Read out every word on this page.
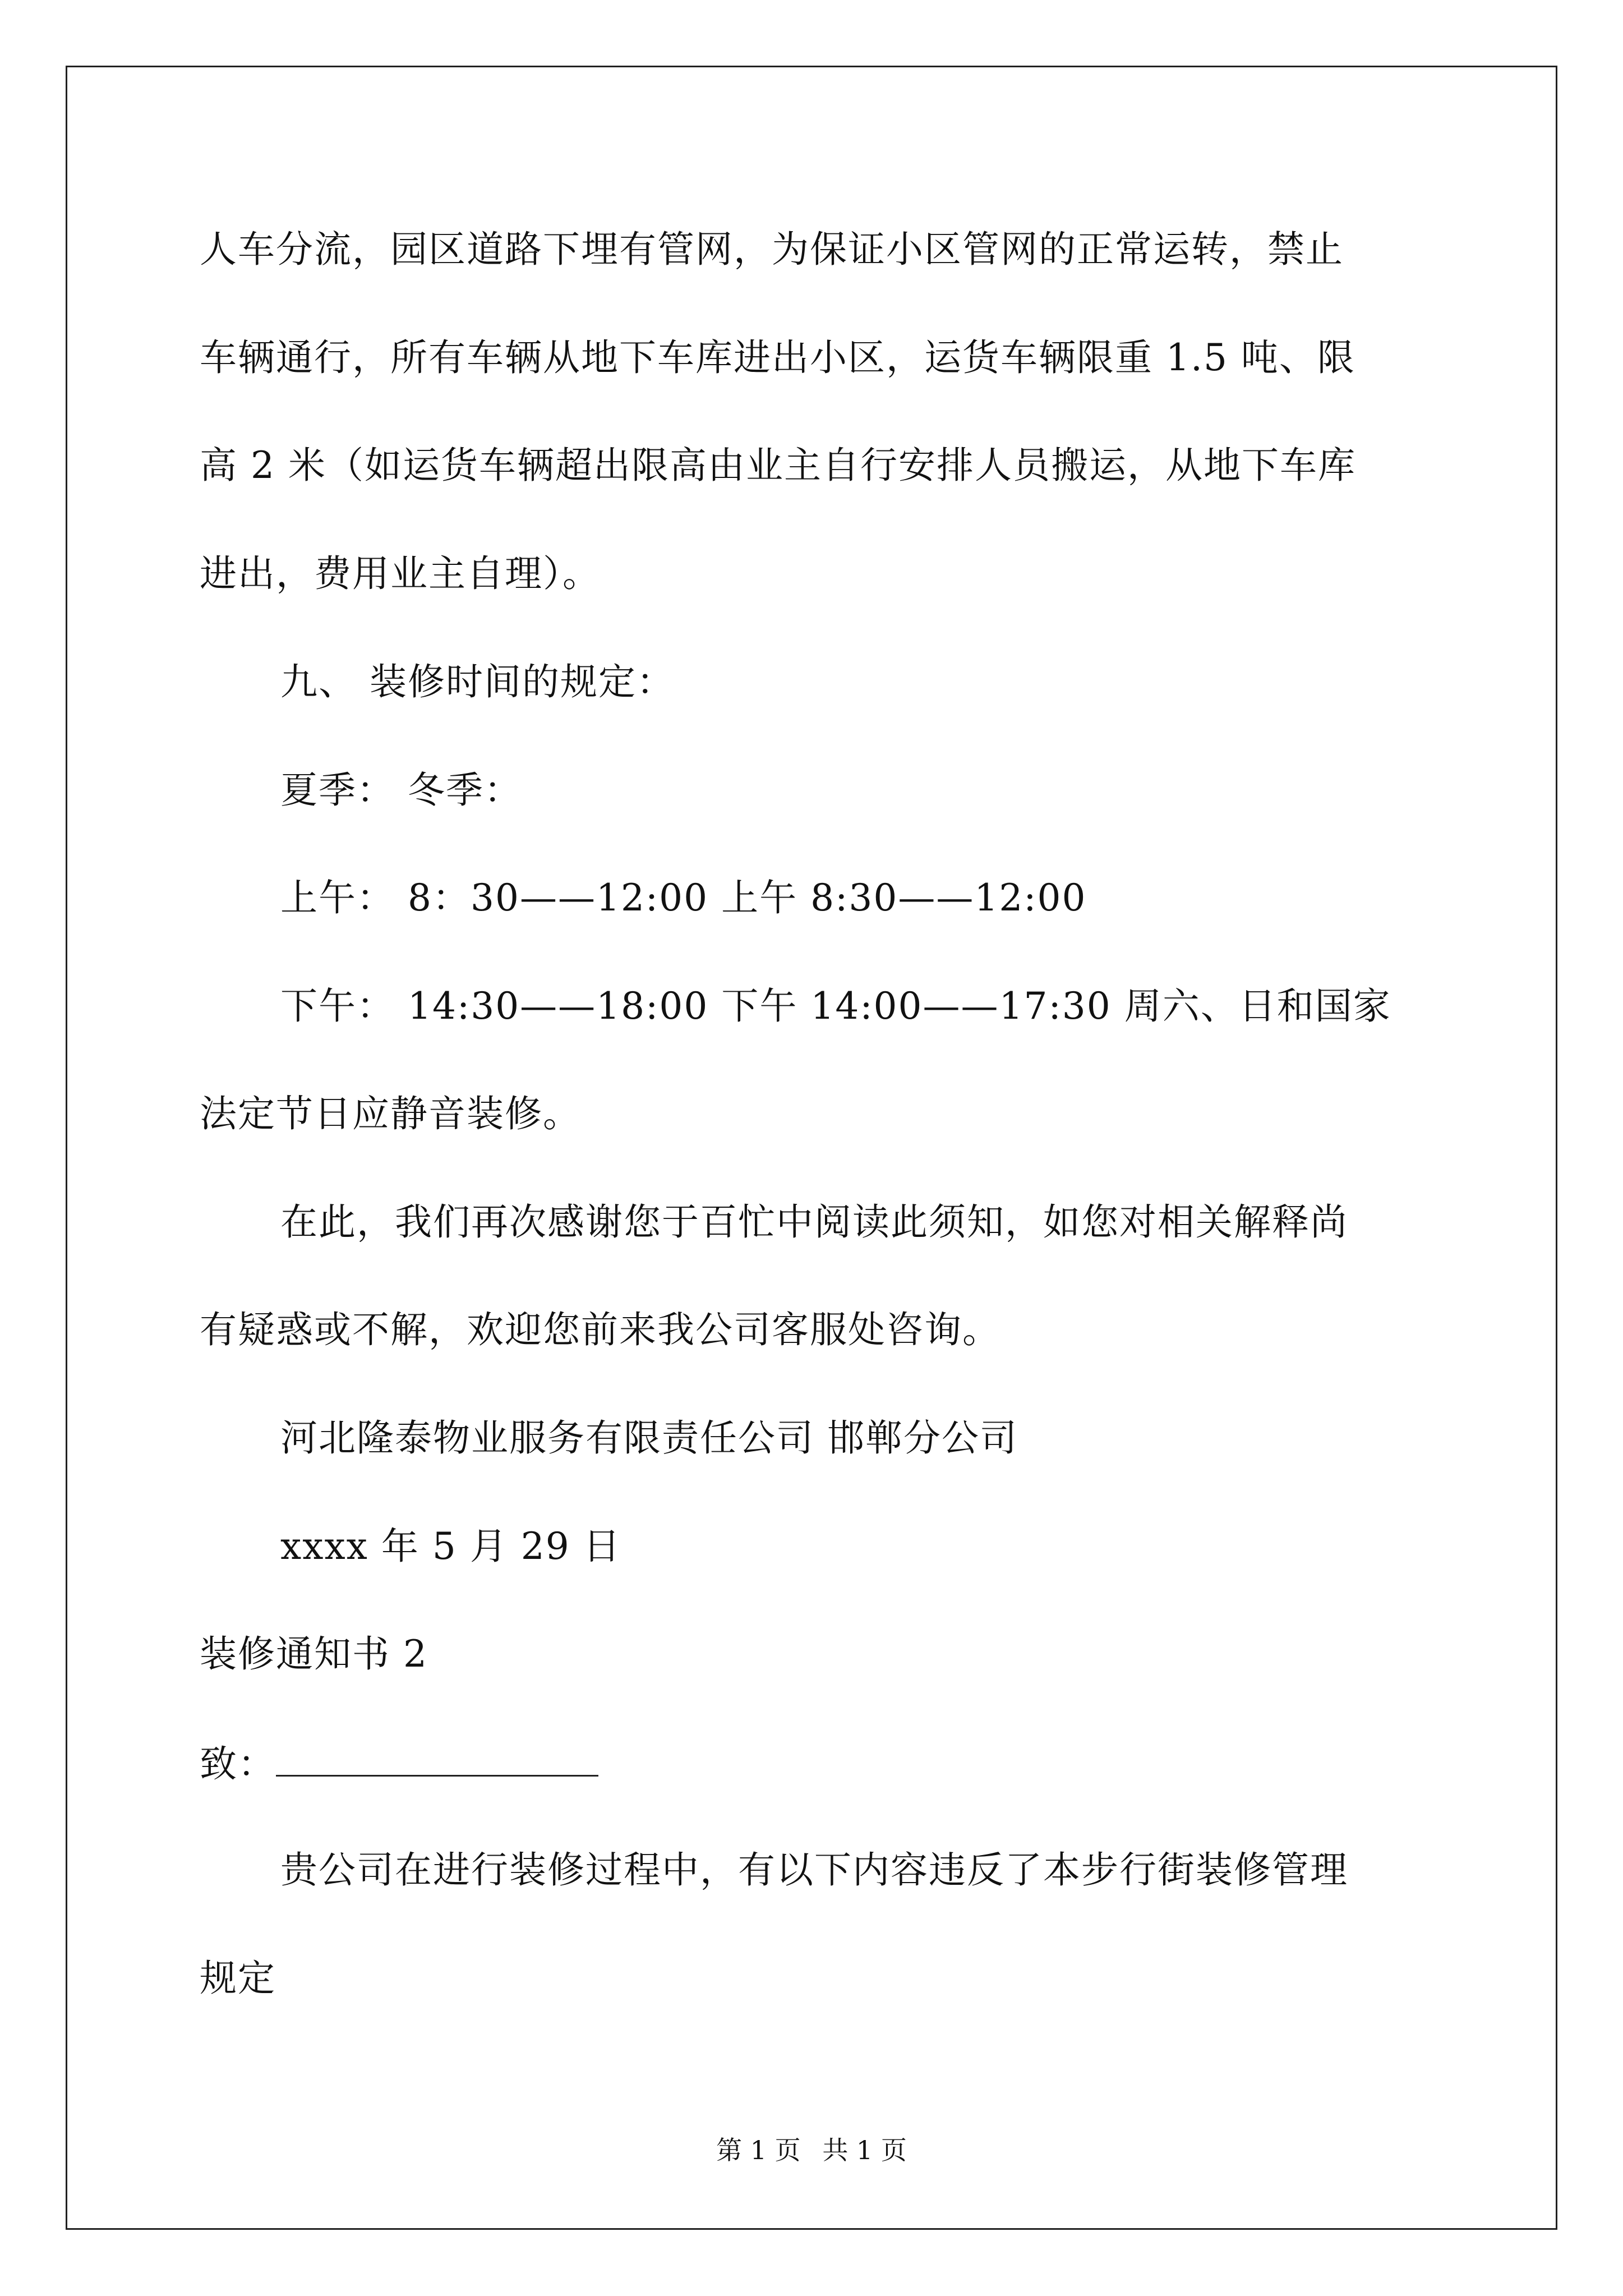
人车分流，园区道路下埋有管网，为保证小区管网的正常运转，禁止
车辆通行，所有车辆从地下车库进出小区，运货车辆限重 1.5 吨、限
高 2 米（如运货车辆超出限高由业主自行安排人员搬运，从地下车库
进出，费用业主自理）。
九、 装修时间的规定：
夏季： 冬季：
上午： 8：30——12:00 上午 8:30——12:00
下午： 14:30——18:00 下午 14:00——17:30 周六、日和国家
法定节日应静音装修。
在此，我们再次感谢您于百忙中阅读此须知，如您对相关解释尚
有疑惑或不解，欢迎您前来我公司客服处咨询。
河北隆泰物业服务有限责任公司 邯郸分公司
xxxx 年 5 月 29 日
装修通知书 2
致：
贵公司在进行装修过程中，有以下内容违反了本步行街装修管理
规定
第 1 页 共 1 页
